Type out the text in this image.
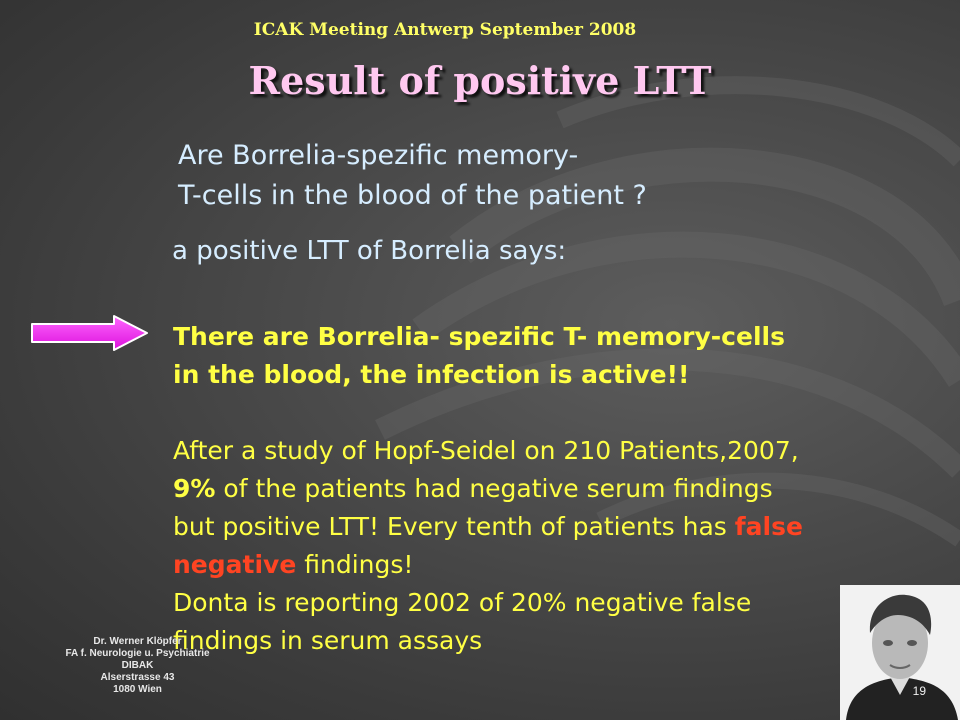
ICAK Meeting Antwerp September 2008
Result of positive LTT
Are Borrelia-spezific memory-
T-cells in the blood of the patient ?
a positive LTT of Borrelia says:
There are Borrelia- spezific T- memory-cells
in the blood, the infection is active!!
After a study of Hopf-Seidel on 210 Patients,2007,
9% of the patients had negative serum findings
but positive LTT! Every tenth of patients has false
negative findings!
Donta is reporting 2002 of 20% negative false
findings in serum assays
Dr. Werner Klöpfer
FA f. Neurologie u. Psychiatrie
DIBAK
Alserstrasse 43
1080 Wien	19
